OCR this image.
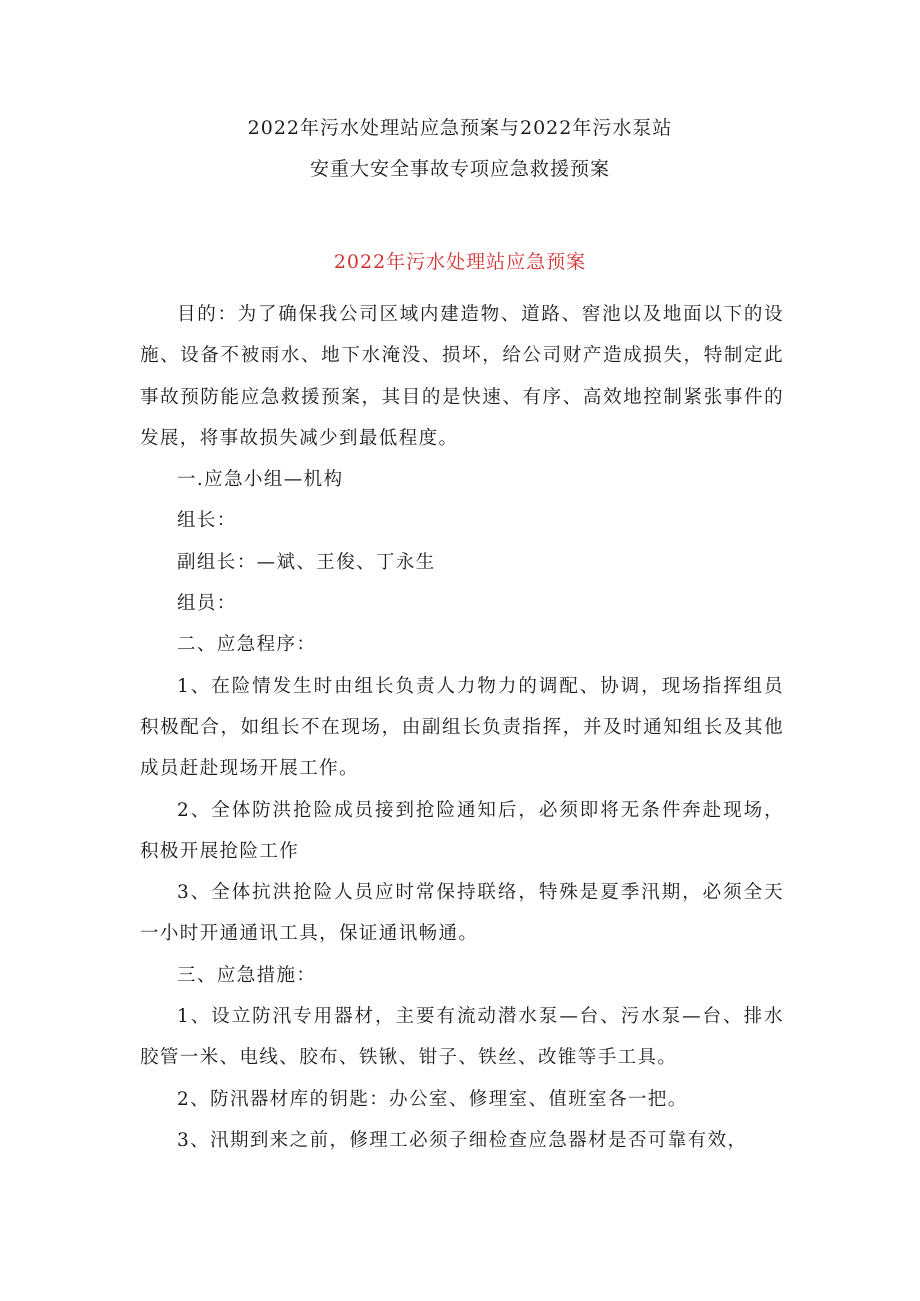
2022年污水处理站应急预案与2022年污水泵站
安重大安全事故专项应急救援预案
2022年污水处理站应急预案

目的：为了确保我公司区域内建造物、道路、窖池以及地面以下的设施、设备不被雨水、地下水淹没、损坏，给公司财产造成损失，特制定此事故预防能应急救援预案，其目的是快速、有序、高效地控制紧张事件的发展，将事故损失减少到最低程度。

一.应急小组—机构

组长：

副组长：—斌、王俊、丁永生

组员：

二、应急程序：

1、在险情发生时由组长负责人力物力的调配、协调，现场指挥组员积极配合，如组长不在现场，由副组长负责指挥，并及时通知组长及其他成员赶赴现场开展工作。

2、全体防洪抢险成员接到抢险通知后，必须即将无条件奔赴现场，积极开展抢险工作

3、全体抗洪抢险人员应时常保持联络，特殊是夏季汛期，必须全天一小时开通通讯工具，保证通讯畅通。

三、应急措施：

1、设立防汛专用器材，主要有流动潜水泵—台、污水泵—台、排水胶管一米、电线、胶布、铁锹、钳子、铁丝、改锥等手工具。

2、防汛器材库的钥匙：办公室、修理室、值班室各一把。

3、汛期到来之前，修理工必须子细检查应急器材是否可靠有效，
